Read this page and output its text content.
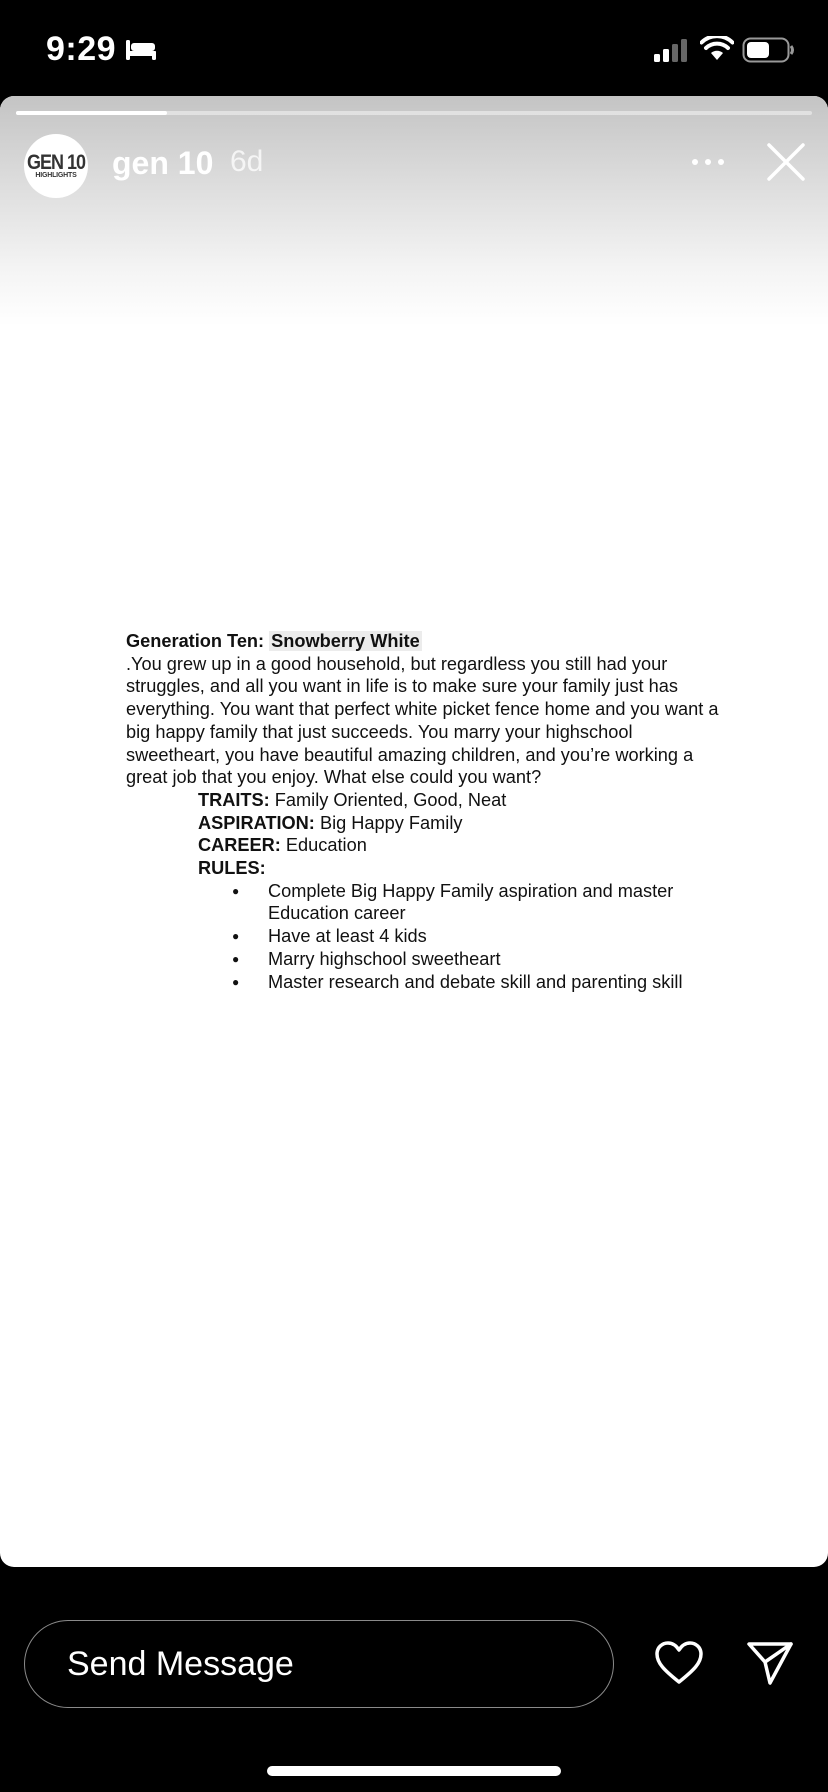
9:29
GEN 10
HIGHLIGHTS gen 10 6d
Generation Ten: Snowberry White

.You grew up in a good household, but regardless you still had your struggles, and all you want in life is to make sure your family just has everything. You want that perfect white picket fence home and you want a big happy family that just succeeds. You marry your highschool sweetheart, you have beautiful amazing children, and you’re working a great job that you enjoy. What else could you want?

TRAITS: Family Oriented, Good, Neat
ASPIRATION: Big Happy Family
CAREER: Education
RULES:
● Complete Big Happy Family aspiration and master Education career
● Have at least 4 kids
● Marry highschool sweetheart
● Master research and debate skill and parenting skill
Send Message
